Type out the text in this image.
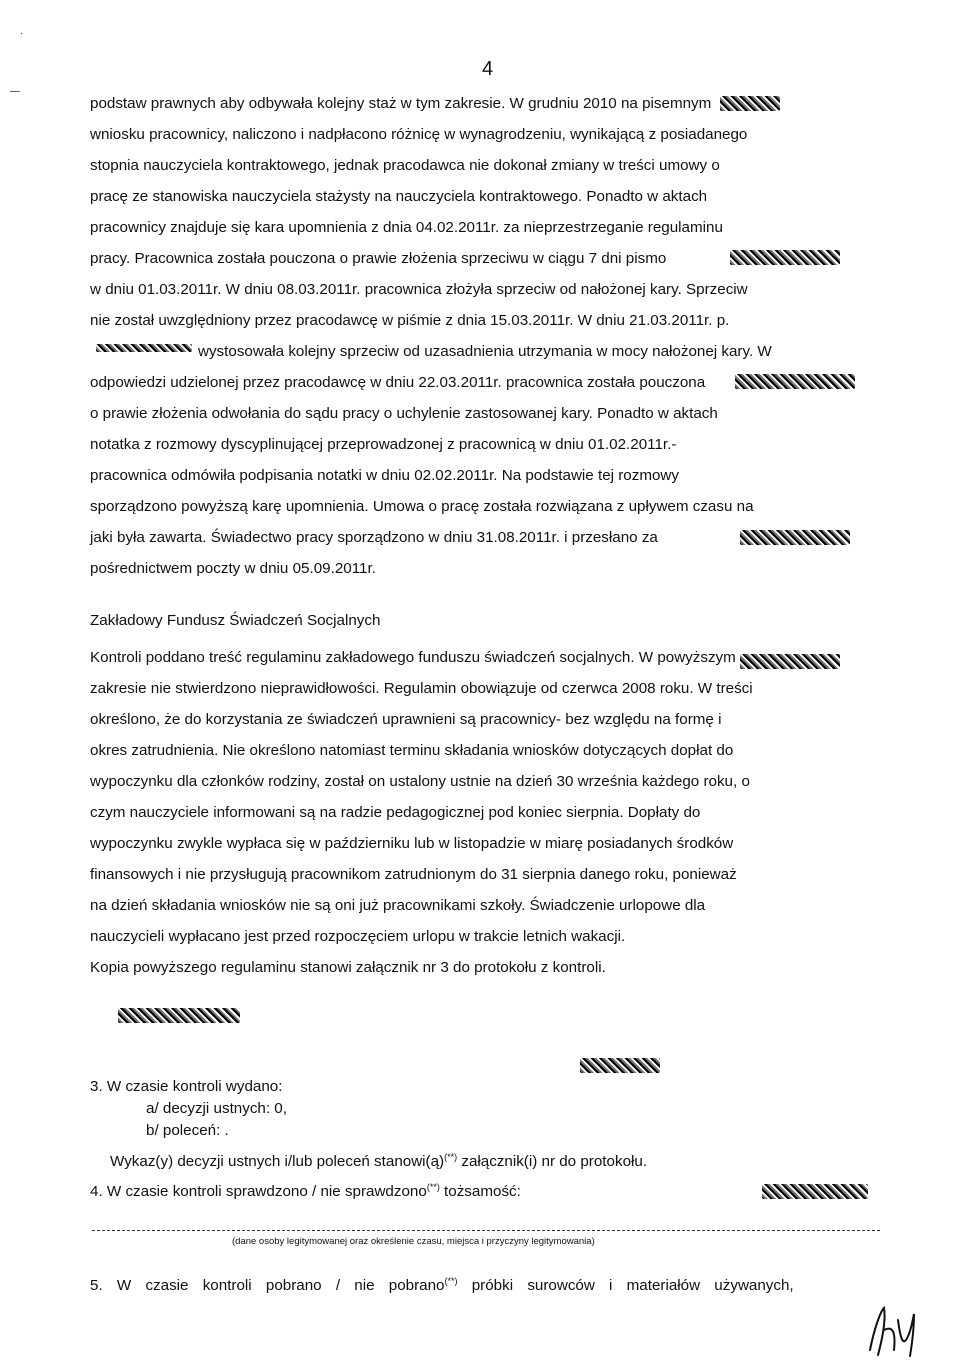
4
·
—

podstaw prawnych aby odbywała kolejny staż w tym zakresie. W grudniu 2010 na pisemnym

wniosku pracownicy, naliczono i nadpłacono różnicę w wynagrodzeniu, wynikającą z posiadanego

stopnia nauczyciela kontraktowego, jednak pracodawca nie dokonał zmiany w treści umowy o

pracę ze stanowiska nauczyciela stażysty na nauczyciela kontraktowego. Ponadto w aktach

pracownicy znajduje się kara upomnienia z dnia 04.02.2011r. za nieprzestrzeganie regulaminu

pracy. Pracownica została pouczona o prawie złożenia sprzeciwu w ciągu 7 dni pismo

w dniu 01.03.2011r. W dniu 08.03.2011r. pracownica złożyła sprzeciw od nałożonej kary. Sprzeciw

nie został uwzględniony przez pracodawcę w piśmie z dnia 15.03.2011r. W dniu 21.03.2011r. p.

wystosowała kolejny sprzeciw od uzasadnienia utrzymania w mocy nałożonej kary. W

odpowiedzi udzielonej przez pracodawcę w dniu 22.03.2011r. pracownica została pouczona

o prawie złożenia odwołania do sądu pracy o uchylenie zastosowanej kary. Ponadto w aktach

notatka z rozmowy dyscyplinującej przeprowadzonej z pracownicą w dniu 01.02.2011r.-

pracownica odmówiła podpisania notatki w dniu 02.02.2011r. Na podstawie tej rozmowy

sporządzono powyższą karę upomnienia. Umowa o pracę została rozwiązana z upływem czasu na

jaki była zawarta. Świadectwo pracy sporządzono w dniu 31.08.2011r. i przesłano za

pośrednictwem poczty w dniu 05.09.2011r.

Zakładowy Fundusz Świadczeń Socjalnych

Kontroli poddano treść regulaminu zakładowego funduszu świadczeń socjalnych. W powyższym

zakresie nie stwierdzono nieprawidłowości. Regulamin obowiązuje od czerwca 2008 roku. W treści

określono, że do korzystania ze świadczeń uprawnieni są pracownicy- bez względu na formę i

okres zatrudnienia. Nie określono natomiast terminu składania wniosków dotyczących dopłat do

wypoczynku dla członków rodziny, został on ustalony ustnie na dzień 30 września każdego roku, o

czym nauczyciele informowani są na radzie pedagogicznej pod koniec sierpnia. Dopłaty do

wypoczynku zwykle wypłaca się w październiku lub w listopadzie w miarę posiadanych środków

finansowych i nie przysługują pracownikom zatrudnionym do 31 sierpnia danego roku, ponieważ

na dzień składania wniosków nie są oni już pracownikami szkoły. Świadczenie urlopowe dla

nauczycieli wypłacano jest przed rozpoczęciem urlopu w trakcie letnich wakacji.

Kopia powyższego regulaminu stanowi załącznik nr 3 do protokołu z kontroli.

3. W czasie kontroli wydano:
a/ decyzji ustnych: 0,
b/ poleceń: .
Wykaz(y) decyzji ustnych i/lub poleceń stanowi(ą)(**) załącznik(i) nr do protokołu.
4. W czasie kontroli sprawdzono / nie sprawdzono(**) tożsamość:
(dane osoby legitymowanej oraz określenie czasu, miejsca i przyczyny legitymowania)
5. W czasie kontroli pobrano / nie pobrano(**) próbki surowców i materiałów używanych,
